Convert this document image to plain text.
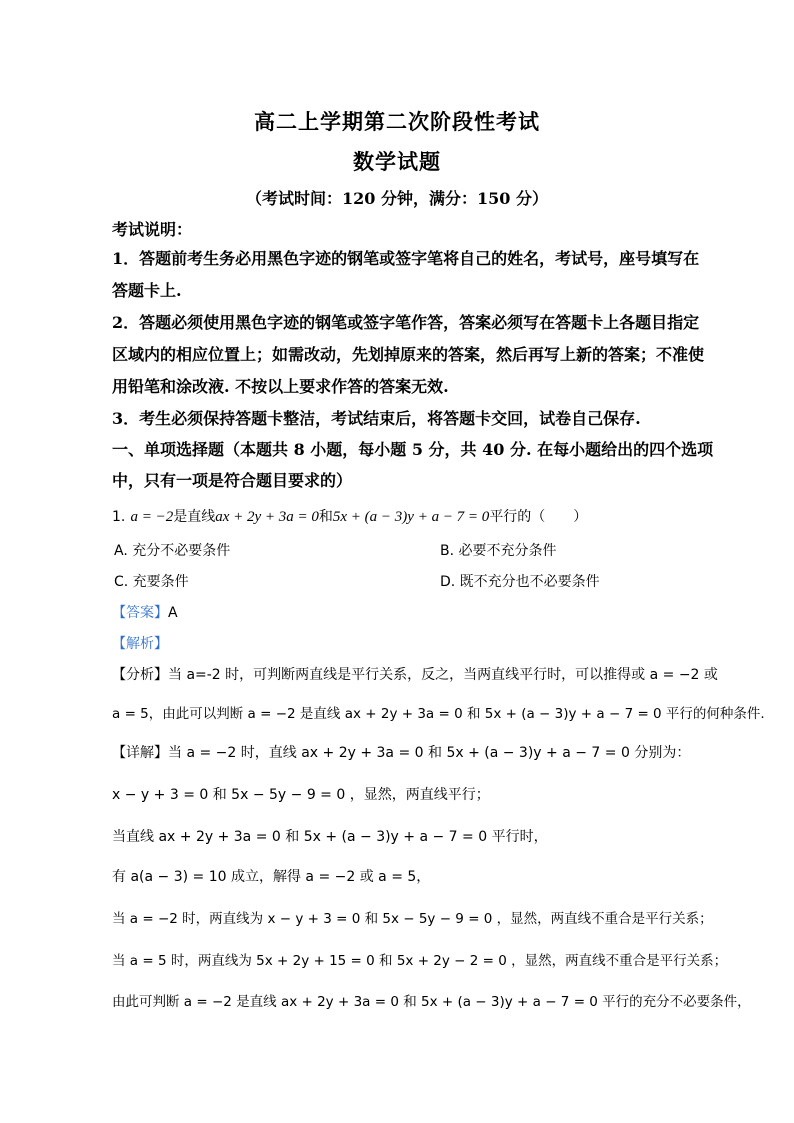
高二上学期第二次阶段性考试
数学试题
（考试时间：120 分钟，满分：150 分）
考试说明：
1．答题前考生务必用黑色字迹的钢笔或签字笔将自己的姓名，考试号，座号填写在
答题卡上.
2．答题必须使用黑色字迹的钢笔或签字笔作答，答案必须写在答题卡上各题目指定
区域内的相应位置上；如需改动，先划掉原来的答案，然后再写上新的答案；不准使
用铅笔和涂改液. 不按以上要求作答的答案无效.
3．考生必须保持答题卡整洁，考试结束后，将答题卡交回，试卷自己保存.
一、单项选择题（本题共 8 小题，每小题 5 分，共 40 分. 在每小题给出的四个选项
中，只有一项是符合题目要求的）
1. a = −2是直线ax + 2y + 3a = 0和5x + (a − 3)y + a − 7 = 0平行的（　　）
A. 充分不必要条件	B. 必要不充分条件
C. 充要条件	D. 既不充分也不必要条件
【答案】A
【解析】
【分析】当 a=-2 时，可判断两直线是平行关系，反之，当两直线平行时，可以推得或 a = −2 或
a = 5，由此可以判断 a = −2 是直线 ax + 2y + 3a = 0 和 5x + (a − 3)y + a − 7 = 0 平行的何种条件.
【详解】当 a = −2 时，直线 ax + 2y + 3a = 0 和 5x + (a − 3)y + a − 7 = 0 分别为：
x − y + 3 = 0 和 5x − 5y − 9 = 0 ，显然，两直线平行；
当直线 ax + 2y + 3a = 0 和 5x + (a − 3)y + a − 7 = 0 平行时，
有 a(a − 3) = 10 成立，解得 a = −2 或 a = 5，
当 a = −2 时，两直线为 x − y + 3 = 0 和 5x − 5y − 9 = 0 ，显然，两直线不重合是平行关系；
当 a = 5 时，两直线为 5x + 2y + 15 = 0 和 5x + 2y − 2 = 0 ，显然，两直线不重合是平行关系；
由此可判断 a = −2 是直线 ax + 2y + 3a = 0 和 5x + (a − 3)y + a − 7 = 0 平行的充分不必要条件，
